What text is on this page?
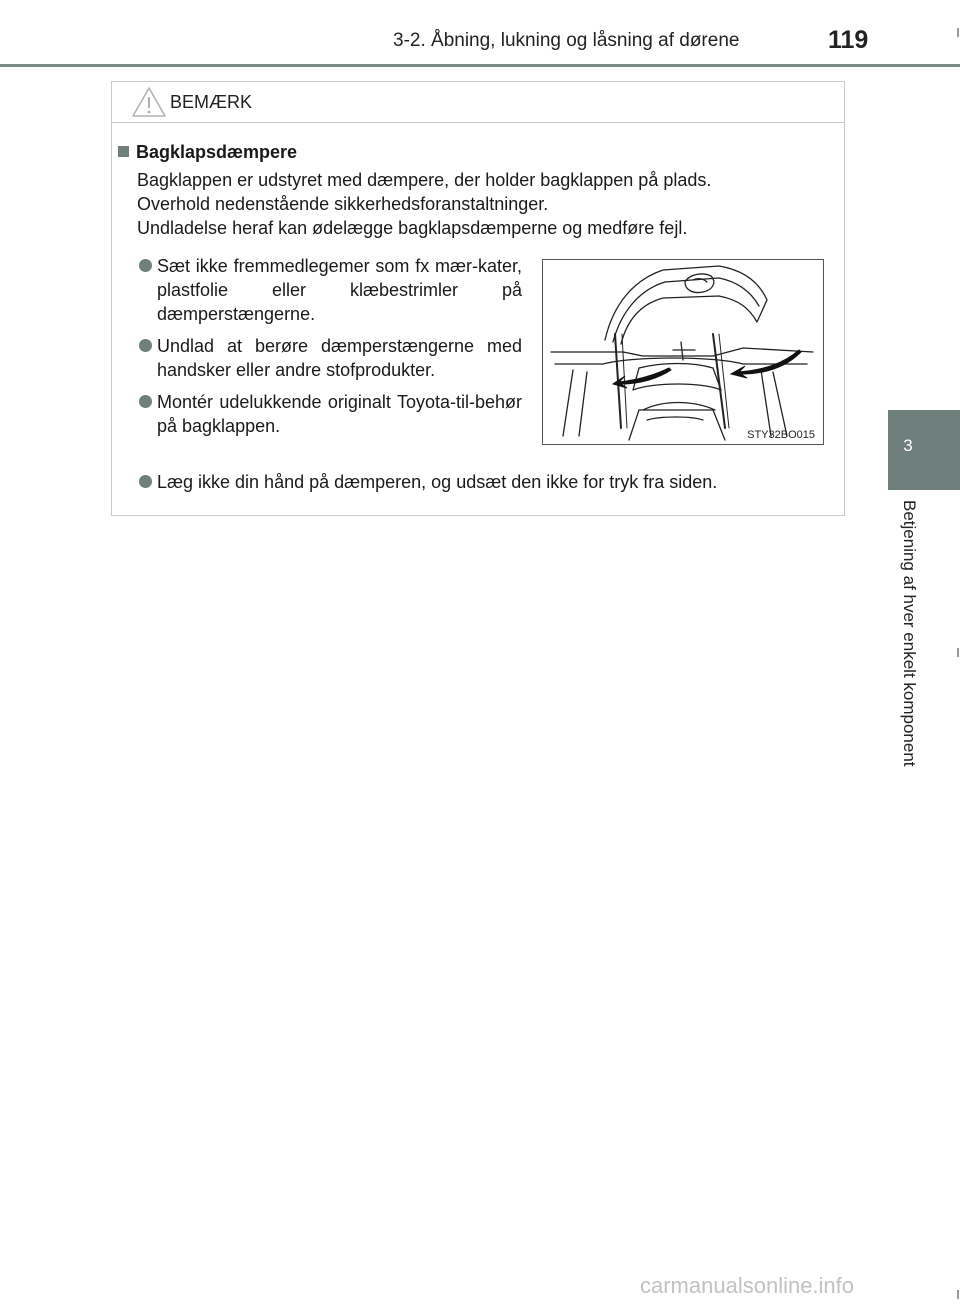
3-2. Åbning, lukning og låsning af dørene	119
3
Betjening af hver enkelt komponent
BEMÆRK
Bagklapsdæmpere
Bagklappen er udstyret med dæmpere, der holder bagklappen på plads.
Overhold nedenstående sikkerhedsforanstaltninger.
Undladelse heraf kan ødelægge bagklapsdæmperne og medføre fejl.
Sæt ikke fremmedlegemer som fx mær-kater, plastfolie eller klæbestrimler på dæmperstængerne.
Undlad at berøre dæmperstængerne med handsker eller andre stofprodukter.
Montér udelukkende originalt Toyota-til-behør på bagklappen.
Læg ikke din hånd på dæmperen, og udsæt den ikke for tryk fra siden.
STY32BO015
carmanualsonline.info
